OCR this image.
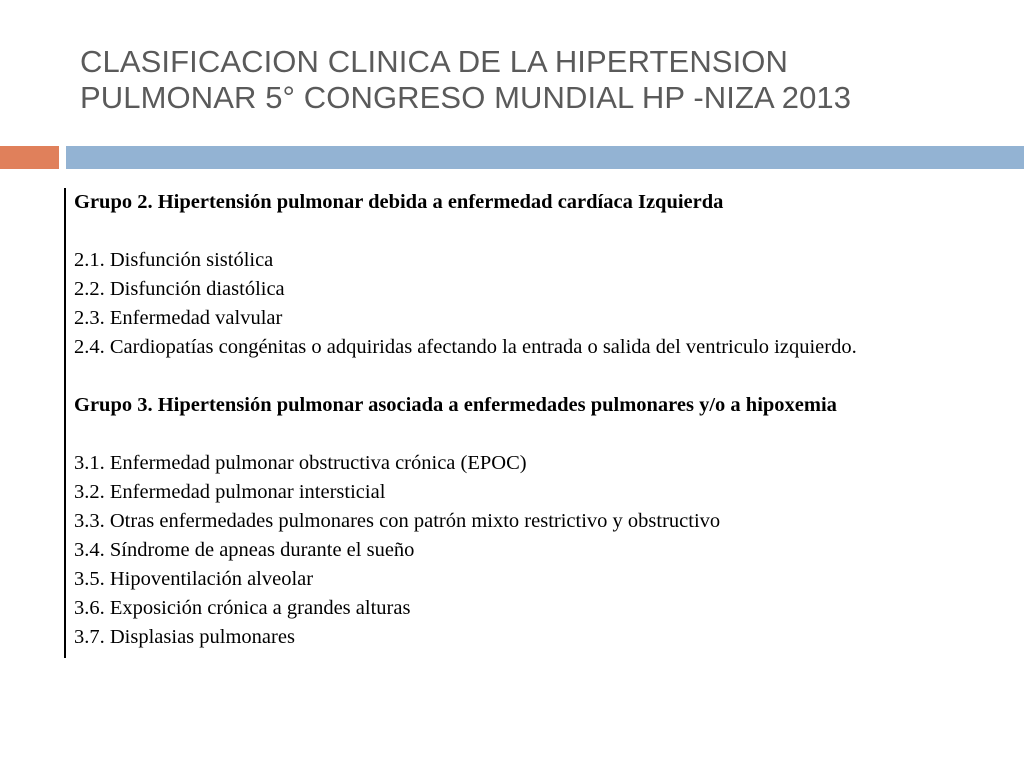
CLASIFICACION CLINICA DE LA HIPERTENSION
PULMONAR 5° CONGRESO MUNDIAL HP -NIZA 2013
Grupo 2. Hipertensión pulmonar debida a enfermedad cardíaca Izquierda
2.1. Disfunción sistólica
2.2. Disfunción diastólica
2.3. Enfermedad valvular
2.4. Cardiopatías congénitas o adquiridas afectando la entrada o salida del ventriculo izquierdo.
Grupo 3. Hipertensión pulmonar asociada a enfermedades pulmonares y/o a hipoxemia
3.1. Enfermedad pulmonar obstructiva crónica (EPOC)
3.2. Enfermedad pulmonar intersticial
3.3. Otras enfermedades pulmonares con patrón mixto restrictivo y obstructivo
3.4. Síndrome de apneas durante el sueño
3.5. Hipoventilación alveolar
3.6. Exposición crónica a grandes alturas
3.7. Displasias pulmonares
